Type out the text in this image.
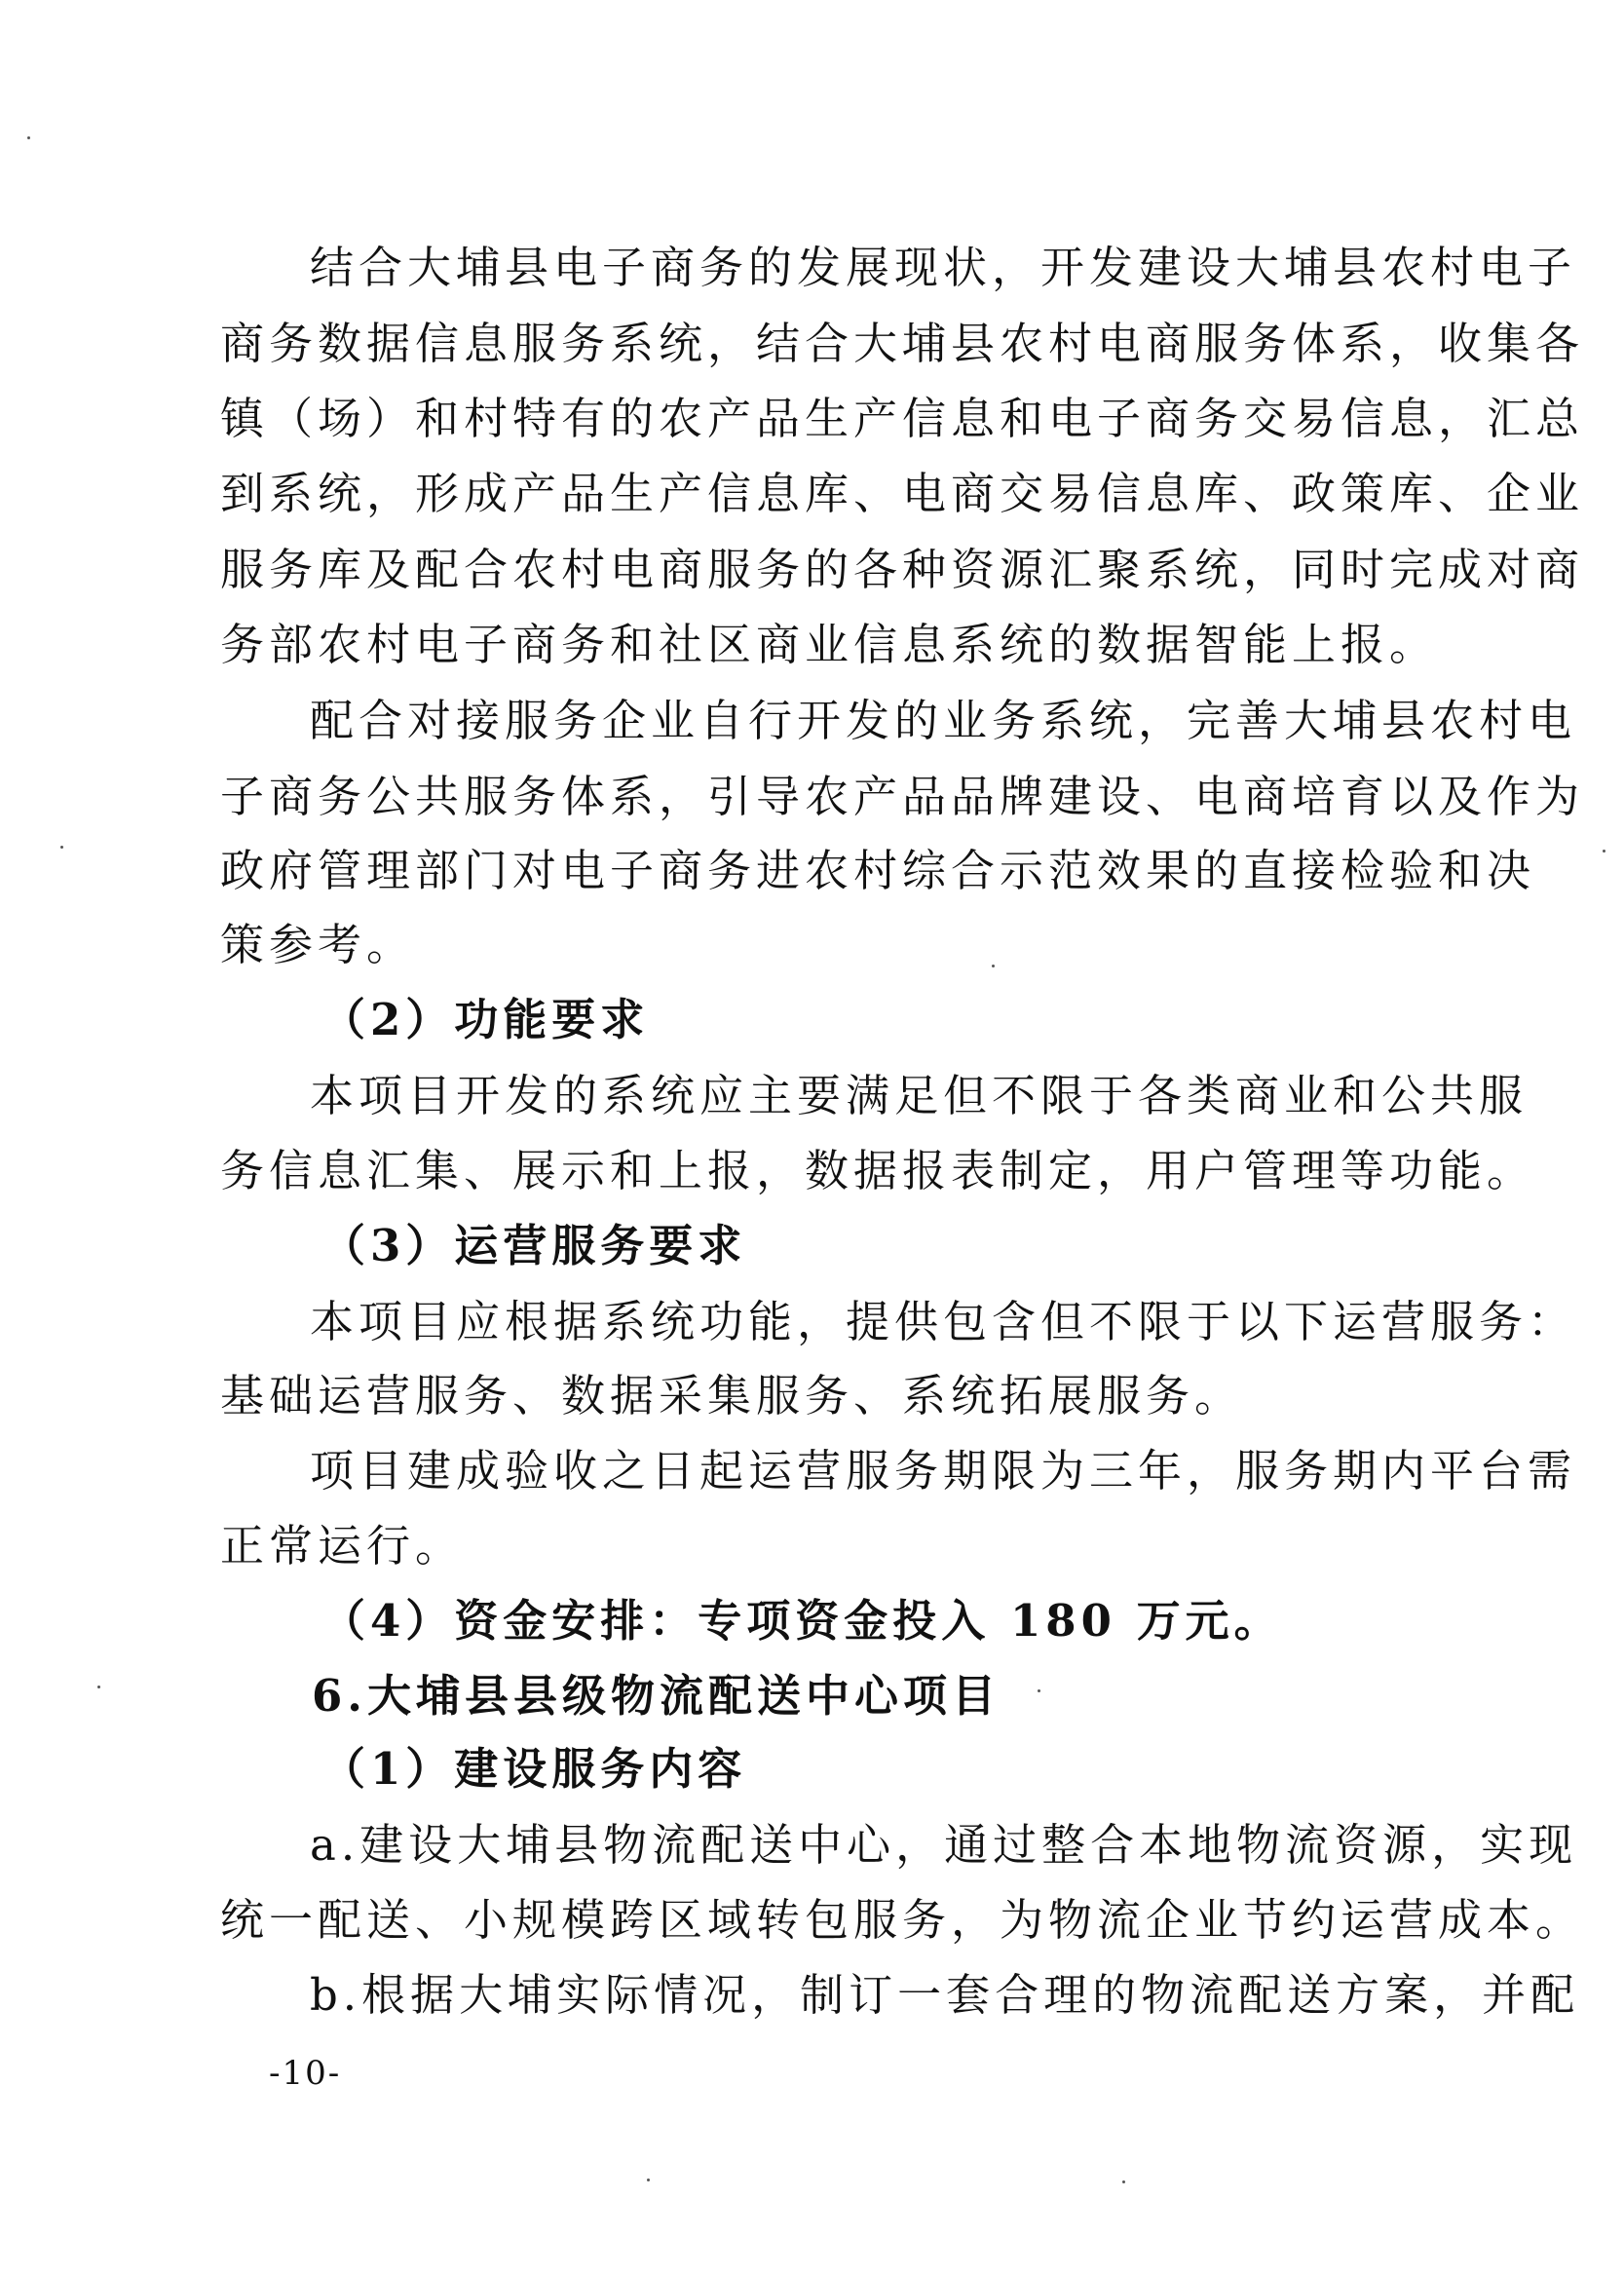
结合大埔县电子商务的发展现状，开发建设大埔县农村电子
商务数据信息服务系统，结合大埔县农村电商服务体系，收集各
镇（场）和村特有的农产品生产信息和电子商务交易信息，汇总
到系统，形成产品生产信息库、电商交易信息库、政策库、企业
服务库及配合农村电商服务的各种资源汇聚系统，同时完成对商
务部农村电子商务和社区商业信息系统的数据智能上报。
配合对接服务企业自行开发的业务系统，完善大埔县农村电
子商务公共服务体系，引导农产品品牌建设、电商培育以及作为
政府管理部门对电子商务进农村综合示范效果的直接检验和决
策参考。
（2）功能要求
本项目开发的系统应主要满足但不限于各类商业和公共服
务信息汇集、展示和上报，数据报表制定，用户管理等功能。
（3）运营服务要求
本项目应根据系统功能，提供包含但不限于以下运营服务：
基础运营服务、数据采集服务、系统拓展服务。
项目建成验收之日起运营服务期限为三年，服务期内平台需
正常运行。
（4）资金安排：专项资金投入 180 万元。
6.大埔县县级物流配送中心项目
（1）建设服务内容
a.建设大埔县物流配送中心，通过整合本地物流资源，实现
统一配送、小规模跨区域转包服务，为物流企业节约运营成本。
b.根据大埔实际情况，制订一套合理的物流配送方案，并配
-10-
